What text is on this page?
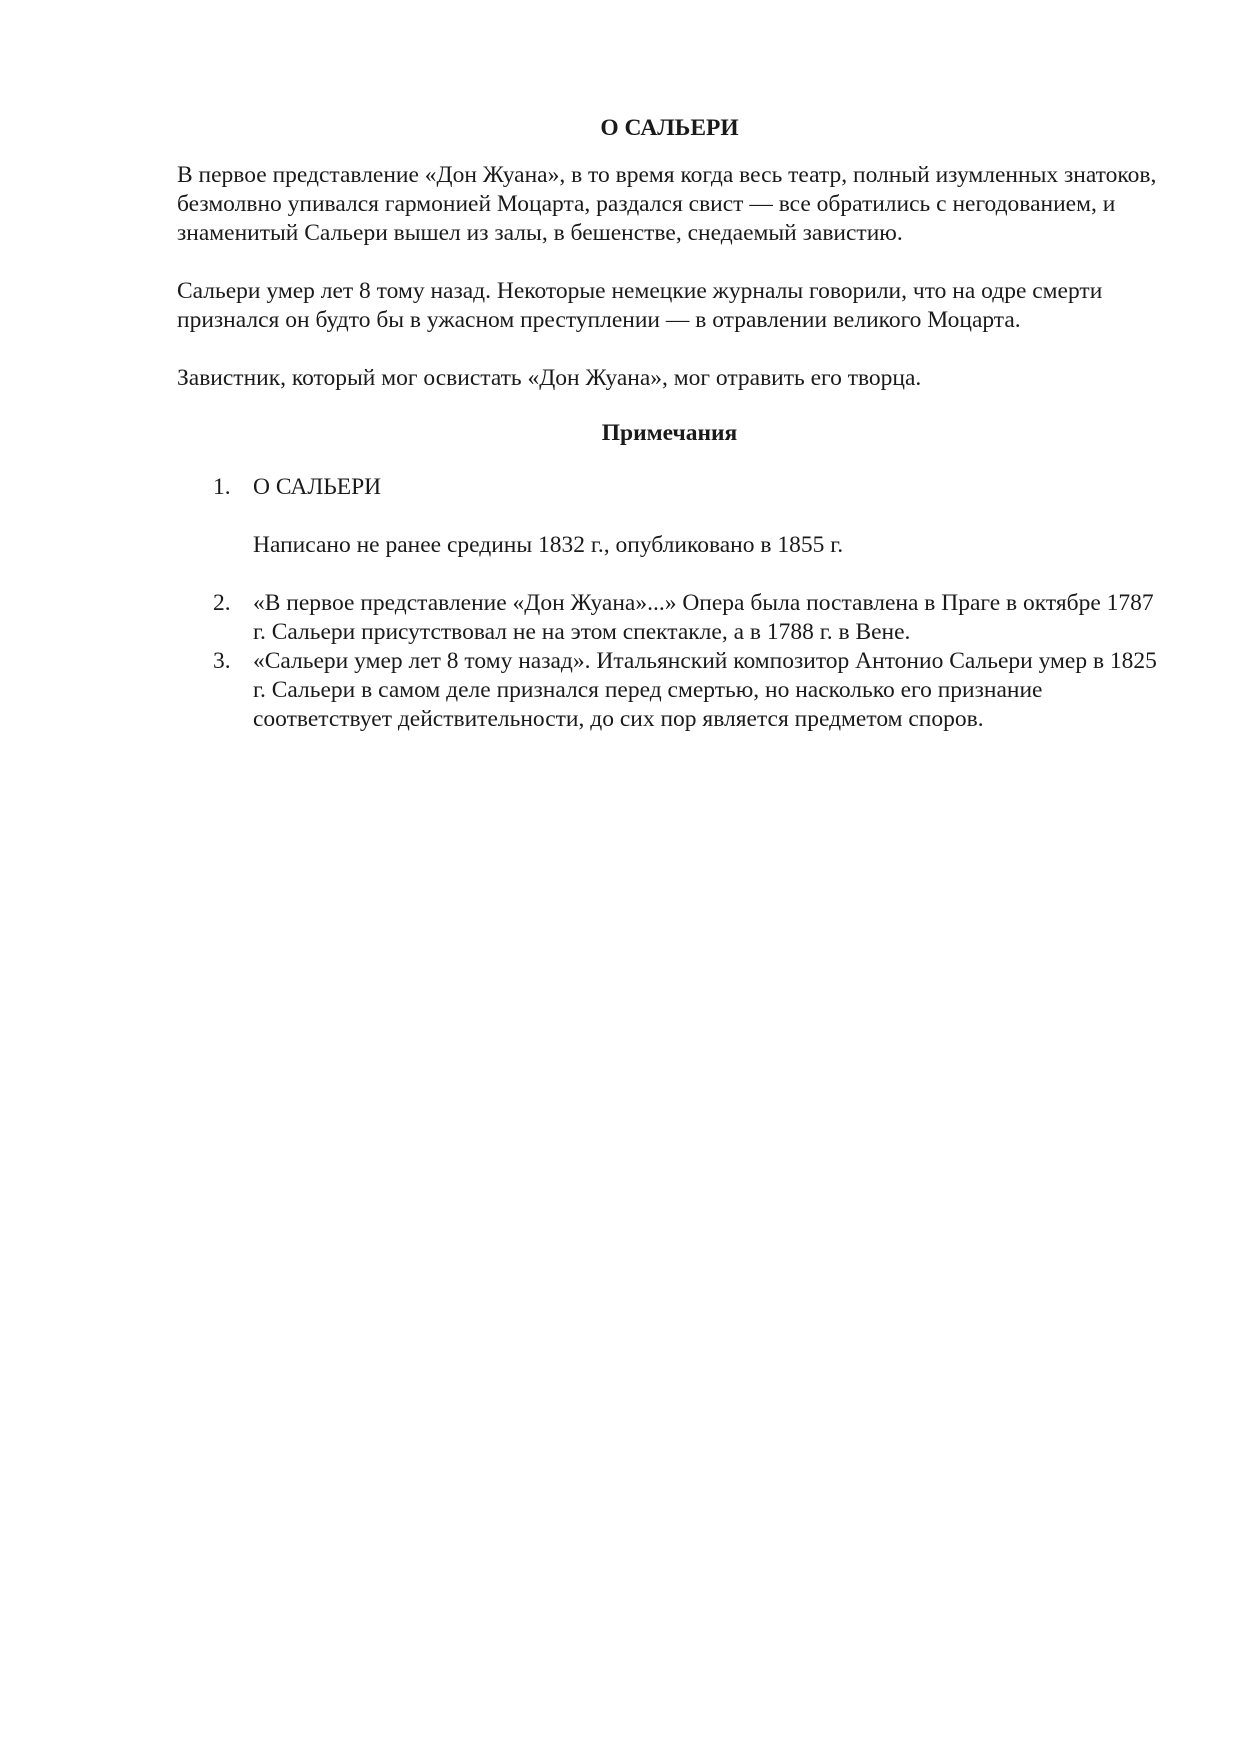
О САЛЬЕРИ

В первое представление «Дон Жуана», в то время когда весь театр, полный изумленных знатоков, безмолвно упивался гармонией Моцарта, раздался свист — все обратились с негодованием, и знаменитый Сальери вышел из залы, в бешенстве, снедаемый завистию.

Сальери умер лет 8 тому назад. Некоторые немецкие журналы говорили, что на одре смерти признался он будто бы в ужасном преступлении — в отравлении великого Моцарта.

Завистник, который мог освистать «Дон Жуана», мог отравить его творца.

Примечания
1. О САЛЬЕРИ

Написано не ранее средины 1832 г., опубликовано в 1855 г.

2. «В первое представление «Дон Жуана»...» Опера была поставлена в Праге в октябре 1787 г. Сальери присутствовал не на этом спектакле, а в 1788 г. в Вене.

3. «Сальери умер лет 8 тому назад». Итальянский композитор Антонио Сальери умер в 1825 г. Сальери в самом деле признался перед смертью, но насколько его признание соответствует действительности, до сих пор является предметом споров.
